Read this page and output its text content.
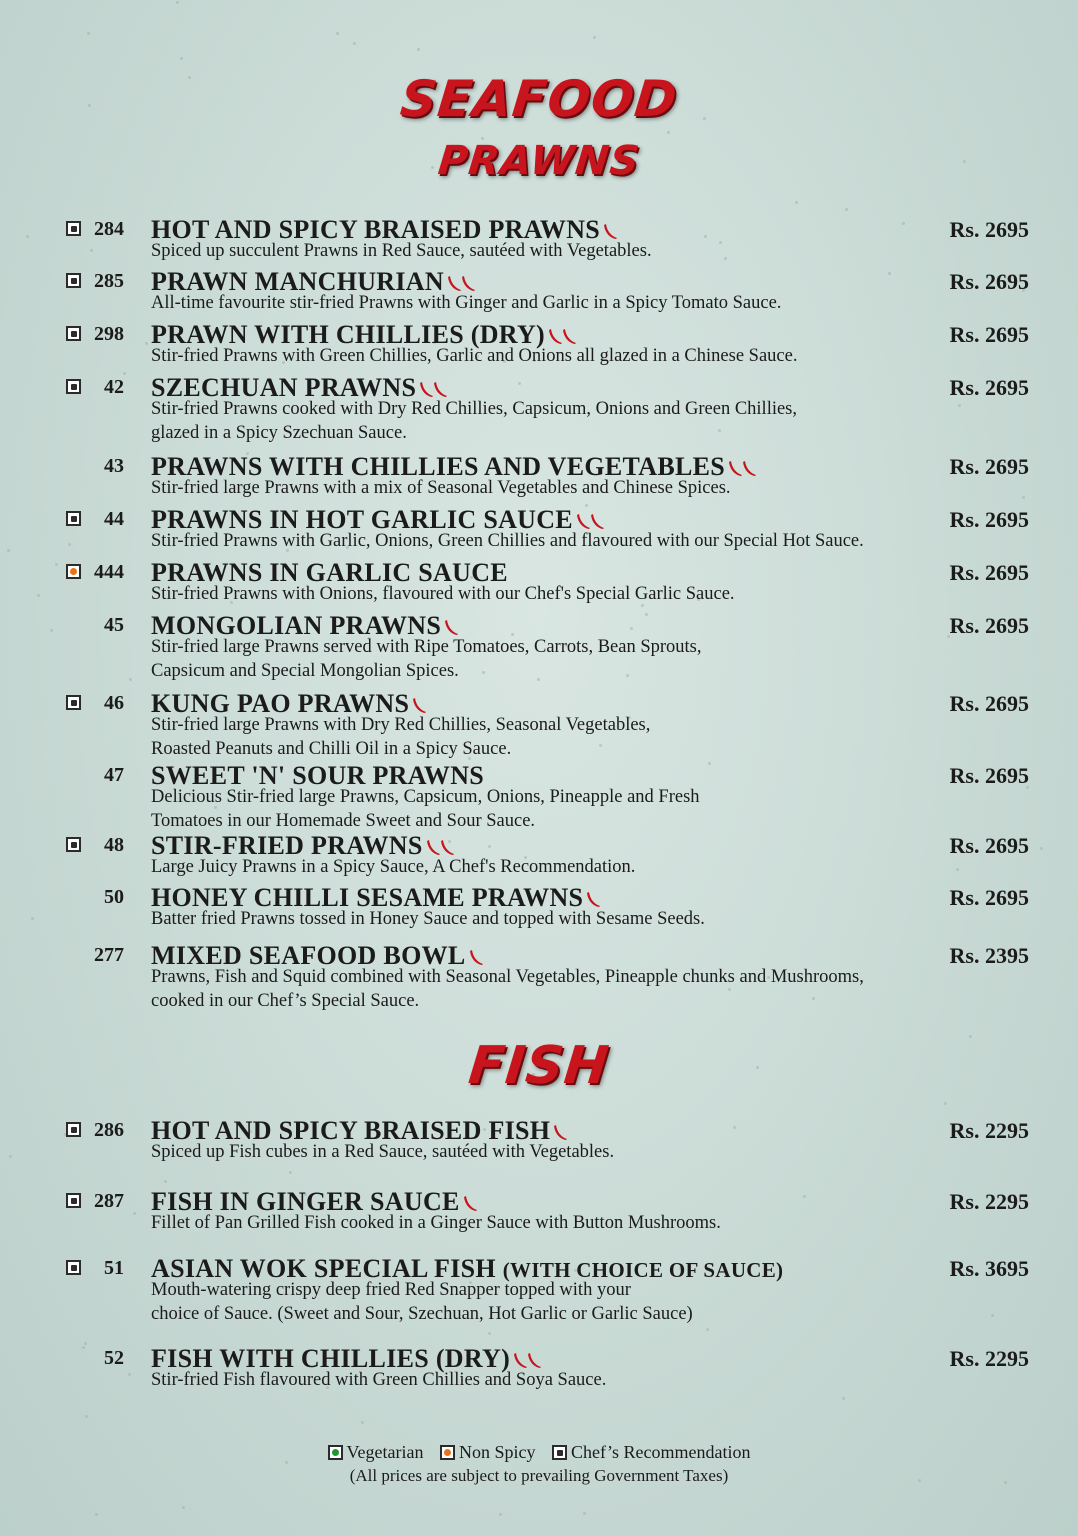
SEAFOOD
PRAWNS
284 HOT AND SPICY BRAISED PRAWNS	Rs. 2695
Spiced up succulent Prawns in Red Sauce, sautéed with Vegetables.
285 PRAWN MANCHURIAN	Rs. 2695
All-time favourite stir-fried Prawns with Ginger and Garlic in a Spicy Tomato Sauce.
298 PRAWN WITH CHILLIES (DRY)	Rs. 2695
Stir-fried Prawns with Green Chillies, Garlic and Onions all glazed in a Chinese Sauce.
42 SZECHUAN PRAWNS	Rs. 2695
Stir-fried Prawns cooked with Dry Red Chillies, Capsicum, Onions and Green Chillies,
glazed in a Spicy Szechuan Sauce.
43 PRAWNS WITH CHILLIES AND VEGETABLES	Rs. 2695
Stir-fried large Prawns with a mix of Seasonal Vegetables and Chinese Spices.
44 PRAWNS IN HOT GARLIC SAUCE	Rs. 2695
Stir-fried Prawns with Garlic, Onions, Green Chillies and flavoured with our Special Hot Sauce.
444 PRAWNS IN GARLIC SAUCE	Rs. 2695
Stir-fried Prawns with Onions, flavoured with our Chef's Special Garlic Sauce.
45 MONGOLIAN PRAWNS	Rs. 2695
Stir-fried large Prawns served with Ripe Tomatoes, Carrots, Bean Sprouts,
Capsicum and Special Mongolian Spices.
46 KUNG PAO PRAWNS	Rs. 2695
Stir-fried large Prawns with Dry Red Chillies, Seasonal Vegetables,
Roasted Peanuts and Chilli Oil in a Spicy Sauce.
47 SWEET 'N' SOUR PRAWNS	Rs. 2695
Delicious Stir-fried large Prawns, Capsicum, Onions, Pineapple and Fresh
Tomatoes in our Homemade Sweet and Sour Sauce.
48 STIR-FRIED PRAWNS	Rs. 2695
Large Juicy Prawns in a Spicy Sauce, A Chef's Recommendation.
50 HONEY CHILLI SESAME PRAWNS	Rs. 2695
Batter fried Prawns tossed in Honey Sauce and topped with Sesame Seeds.
277 MIXED SEAFOOD BOWL	Rs. 2395
Prawns, Fish and Squid combined with Seasonal Vegetables, Pineapple chunks and Mushrooms,
cooked in our Chef’s Special Sauce.
FISH
286 HOT AND SPICY BRAISED FISH	Rs. 2295
Spiced up Fish cubes in a Red Sauce, sautéed with Vegetables.
287 FISH IN GINGER SAUCE	Rs. 2295
Fillet of Pan Grilled Fish cooked in a Ginger Sauce with Button Mushrooms.
51 ASIAN WOK SPECIAL FISH (WITH CHOICE OF SAUCE)	Rs. 3695
Mouth-watering crispy deep fried Red Snapper topped with your
choice of Sauce. (Sweet and Sour, Szechuan, Hot Garlic or Garlic Sauce)
52 FISH WITH CHILLIES (DRY)	Rs. 2295
Stir-fried Fish flavoured with Green Chillies and Soya Sauce.
Vegetarian Non Spicy Chef’s Recommendation
(All prices are subject to prevailing Government Taxes)
